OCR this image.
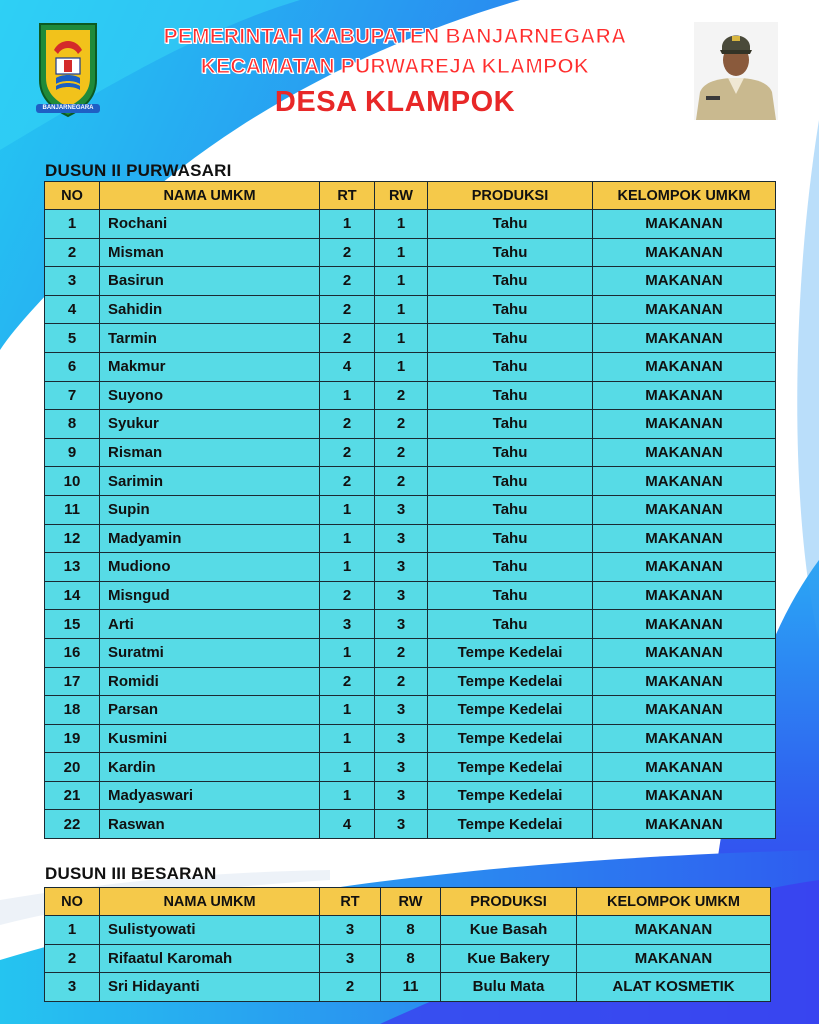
BANJARNEGARA
PEMERINTAH KABUPATEN BANJARNEGARA
KECAMATAN PURWAREJA KLAMPOK
DESA KLAMPOK
DUSUN II PURWASARI
NO	NAMA UMKM	RT	RW	PRODUKSI	KELOMPOK UMKM
1	Rochani	1	1	Tahu	MAKANAN
2	Misman	2	1	Tahu	MAKANAN
3	Basirun	2	1	Tahu	MAKANAN
4	Sahidin	2	1	Tahu	MAKANAN
5	Tarmin	2	1	Tahu	MAKANAN
6	Makmur	4	1	Tahu	MAKANAN
7	Suyono	1	2	Tahu	MAKANAN
8	Syukur	2	2	Tahu	MAKANAN
9	Risman	2	2	Tahu	MAKANAN
10	Sarimin	2	2	Tahu	MAKANAN
11	Supin	1	3	Tahu	MAKANAN
12	Madyamin	1	3	Tahu	MAKANAN
13	Mudiono	1	3	Tahu	MAKANAN
14	Misngud	2	3	Tahu	MAKANAN
15	Arti	3	3	Tahu	MAKANAN
16	Suratmi	1	2	Tempe Kedelai	MAKANAN
17	Romidi	2	2	Tempe Kedelai	MAKANAN
18	Parsan	1	3	Tempe Kedelai	MAKANAN
19	Kusmini	1	3	Tempe Kedelai	MAKANAN
20	Kardin	1	3	Tempe Kedelai	MAKANAN
21	Madyaswari	1	3	Tempe Kedelai	MAKANAN
22	Raswan	4	3	Tempe Kedelai	MAKANAN
DUSUN III BESARAN
NO	NAMA UMKM	RT	RW	PRODUKSI	KELOMPOK UMKM
1	Sulistyowati	3	8	Kue Basah	MAKANAN
2	Rifaatul Karomah	3	8	Kue Bakery	MAKANAN
3	Sri Hidayanti	2	11	Bulu Mata	ALAT KOSMETIK
